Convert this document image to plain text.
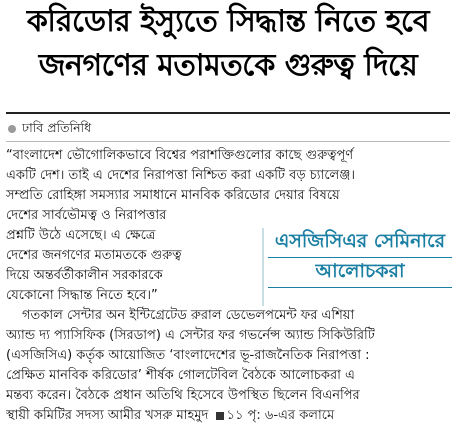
করিডোর ইস্যুতে সিদ্ধান্ত নিতে হবে
জনগণের মতামতকে গুরুত্ব দিয়ে
ঢাবি প্রতিনিধি
“বাংলাদেশ ভৌগোলিকভাবে বিশ্বের পরাশক্তিগুলোর কাছে গুরুত্বপূর্ণ
একটি দেশ। তাই এ দেশের নিরাপত্তা নিশ্চিত করা একটি বড় চ্যালেঞ্জ।
সম্প্রতি রোহিঙ্গা সমস্যার সমাধানে মানবিক করিডোর দেয়ার বিষয়ে
দেশের সার্বভৌমত্ব ও নিরাপত্তার
প্রশ্নটি উঠে এসেছে। এ ক্ষেত্রে
দেশের জনগণের মতামতকে গুরুত্ব
দিয়ে অন্তর্বর্তীকালীন সরকারকে
যেকোনো সিদ্ধান্ত নিতে হবে।”
এসজিসিএর সেমিনারে
আলোচকরা
গতকাল সেন্টার অন ইন্টিগ্রেটেড রুরাল ডেভেলপমেন্ট ফর এশিয়া
অ্যান্ড দ্য প্যাসিফিক (সিরডাপ) এ সেন্টার ফর গভর্নেন্স অ্যান্ড সিকিউরিটি
(এসজিসিএ) কর্তৃক আয়োজিত ‘বাংলাদেশের ভূ-রাজনৈতিক নিরাপত্তা :
প্রেক্ষিত মানবিক করিডোর’ শীর্ষক গোলটেবিল বৈঠকে আলোচকরা এ
মন্তব্য করেন। বৈঠকে প্রধান অতিথি হিসেবে উপস্থিত ছিলেন বিএনপির
স্থায়ী কমিটির সদস্য আমীর খসরু মাহমুদ ১১ পৃ: ৬-এর কলামে
